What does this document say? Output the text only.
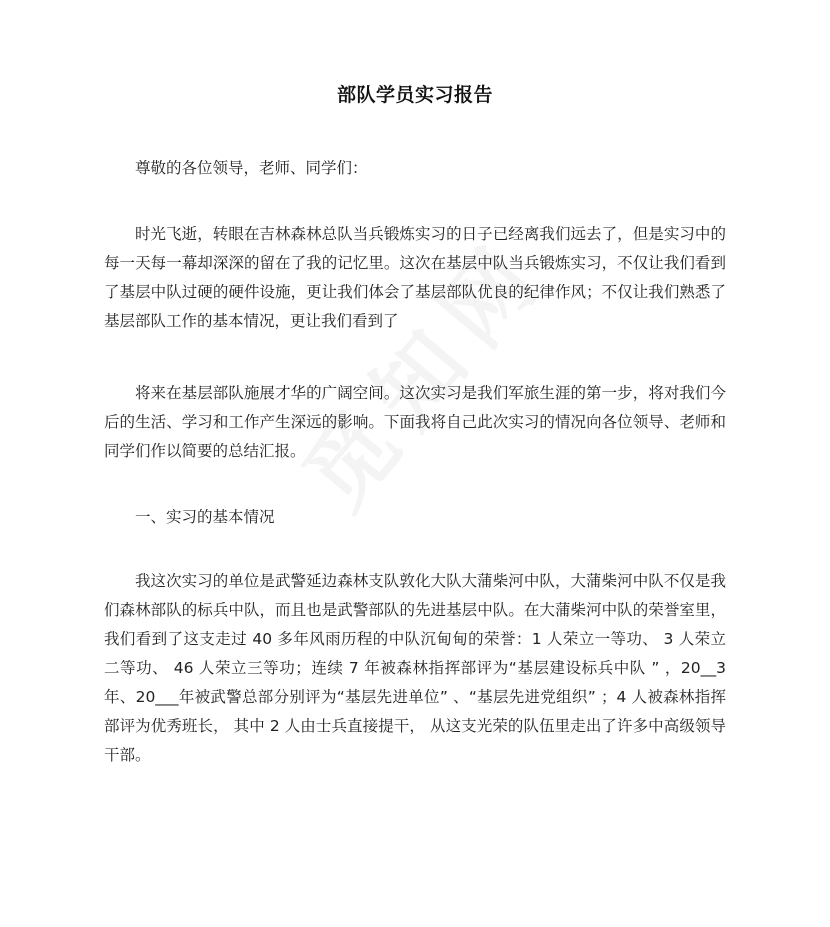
部队学员实习报告

尊敬的各位领导，老师、同学们：

时光飞逝，转眼在吉林森林总队当兵锻炼实习的日子已经离我们远去了，但是实习中的每一天每一幕却深深的留在了我的记忆里。这次在基层中队当兵锻炼实习，不仅让我们看到了基层中队过硬的硬件设施，更让我们体会了基层部队优良的纪律作风；不仅让我们熟悉了基层部队工作的基本情况，更让我们看到了

将来在基层部队施展才华的广阔空间。这次实习是我们军旅生涯的第一步，将对我们今后的生活、学习和工作产生深远的影响。下面我将自己此次实习的情况向各位领导、老师和同学们作以简要的总结汇报。

一、实习的基本情况

我这次实习的单位是武警延边森林支队敦化大队大蒲柴河中队，大蒲柴河中队不仅是我们森林部队的标兵中队，而且也是武警部队的先进基层中队。在大蒲柴河中队的荣誉室里，我们看到了这支走过 40 多年风雨历程的中队沉甸甸的荣誉：1 人荣立一等功、 3 人荣立二等功、 46 人荣立三等功；连续 7 年被森林指挥部评为“基层建设标兵中队 ” ，20__3 年、20___年被武警总部分别评为“基层先进单位” 、“基层先进党组织” ；4 人被森林指挥部评为优秀班长， 其中 2 人由士兵直接提干， 从这支光荣的队伍里走出了许多中高级领导干部。
